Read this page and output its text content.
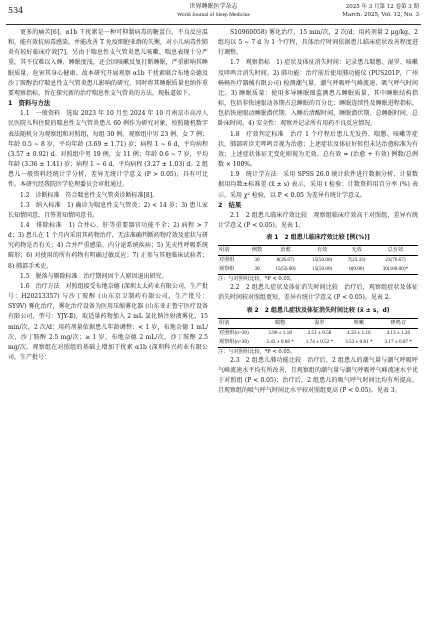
534	世界睡眠医学杂志
World Journal of Sleep Medicine
2025 年 3 月第 12 卷第 3 期
March. 2025, Vol. 12, No. 3

更多的痛苦[6]。α1b 干扰素是一种可抑制病毒的糖蛋白，不良反应温和，能有效抗病毒感染，并能改善 T 免疫细胞亚群的失衡，对小儿病毒性肺炎有较好临床疗效[7]。另由于喘息性支气管炎患儿咳嗽、喘息表现十分严重，其不仅难以入睡、睡眠度浅，还会因咳嗽反复打断睡眠，严重影响其睡眠质量，危害其身心健康。故本研究开展观察 α1b 干扰素联合布地奈德及沙丁胺醇治疗喘息性支气管炎患儿影响的研究，同时将其睡眠质量也纳作重要观察指标，旨在探究新的治疗喘息性支气管炎的方法。现报道如下。

1　资料与方法

1.1　一般资料　选取 2023 年 10 月至 2024 年 10 月南京市高淳人民医院儿科住院的喘息性支气管炎患儿 60 例作为研究对象，按照随机数字表法随机分为观察组和对照组，每组 30 例。观察组中男 23 例，女 7 例；年龄 0.5 ~ 8 岁，平均年龄 (3.69 ± 1.71) 岁；病程 1 ~ 6 d，平均病程 (3.57 ± 0.92) d。对照组中男 19 例，女 11 例；年龄 0.6 ~ 7 岁，平均年龄 (3.36 ± 1.41) 岁；病程 1 ~ 6 d，平均病程 (3.27 ± 1.03) d。2 组患儿一般资料经统计学分析，差异无统计学意义 (P > 0.05)，具有可比性。本研究经我院医学伦理委员会审批通过。

1.2　诊断标准　符合喘息性支气管炎诊断标准[8]。

1.3　纳入标准　1) 确诊为喘息性支气管炎；2) < 14 岁；3) 患儿家长知情同意，且签署知情同意书。

1.4　排除标准　1) 合并心、肝等重要器官功能不全；2) 病程 > 7 d；3) 患儿在 1 个月内采用其药物治疗，无法准确判断药物疗效及症状与研究药物是否有关；4) 合并严重感染、内分泌系统疾病；5) 先天性呼吸系统畸形；6) 对使用的所有药物有明确过敏反应；7) 正参与其他临床试验者；8) 肺部手术史。

1.5　脱落与剔除标准　治疗期间因个人原因退出研究。

1.6　治疗方法　对照组接受布地奈德 (深圳太太药业有限公司，生产批号：H20213357) 与沙丁胺醇 (山东京卫制药有限公司，生产批号：SY9V) 雾化治疗，雾化治疗设备为医用压缩雾化器 (山东亚正鲁宁医疗设备有限公司，型号：YJY-Ⅱ)，取适量药物加入 2 mL 氯化钠注射液雾化，15 min/次，2 次/d；用药剂量依据患儿年龄调整：< 1 岁，布地奈德 1 mL/次，沙丁胺醇 2.5 mg/次；≥ 1 岁，布地奈德 2 mL/次，沙丁胺醇 2.5 mg/次。观察组在对照组的基础上增加干扰素 α1b (深圳科兴药业有限公司，生产批号：

S10960058) 雾化治疗，15 min/次，2 次/d；用药剂量 2 μg/kg。2 组均以 5 ~ 7 d 为 1 个疗程，具体治疗时间依据患儿临床症状改善程度进行调整。

1.7　观察指标　1) 症状及体征消失时间：记录患儿喘憋、湿罗、咳嗽及哮鸣音消失时间。2) 肺功能：治疗前后使用肺功能仪 (PUS201P，广州畅畅医疗器械有限公司) 检测潮气量、潮气呼吸呼气峰流速、吸气呼气时间比。3) 睡眠质量：使用多导睡眠图监测患儿睡眠质量，其中睡眠结构指标，包括非快速眼动各期占总睡眠的百分比；睡眠连续性及睡眠进程指标，包括快速眼动睡眠潜伏期、入睡后清醒时间、睡眠潜伏期、总睡眠时间、总卧床时间。4) 安全性：观察并记录所有用药不良反应情况。

1.8　疗效判定标准　治疗 1 个疗程后患儿无发热、喘憋、咳嗽等症状，肺部听诊无哮鸣音视为治愈；上述症状及体征好转但未达治愈标准为有效；上述症状体征无变化则视为无效。总有效 = (治愈 + 有效) 例数/总例数 × 100%。

1.9　统计学方法　采用 SPSS 26.0 统计软件进行数据分析，计量数据用均数±标准差 (x̄ ± s) 表示，采用 t 检验；计数资料用百分率 (%) 表示，采用 χ² 检验，以 P < 0.05 为差异有统计学意义。

2　结果

2.1　2 组患儿临床疗效比较　观察组临床疗效高于对照组，差异有统计学意义 (P < 0.05)。见表 1。

表 1　2 组患儿临床疗效比较 [例(%)]
组别	例数	治愈	有效	无效	总有效
对照组	30	8(26.67)	15(50.00)	7(23.33)	23(76.67)
观察组	30	15(50.00)	15(50.00)	0(0.00)	30(100.00)*
注：与对照组比较，*P < 0.05。

2.2　2 组患儿症状及体征消失时间比较　治疗后，观察组症状及体征消失时间较对照组更短，差异有统计学意义 (P < 0.05)。见表 2。

表 2　2 组患儿症状及体征消失时间比较 (x̄ ± s，d)
组别	喘憋	湿罗	咳嗽	哮鸣音
对照组(n=30)	3.90 ± 1.18	2.51 ± 0.58	4.33 ± 1.16	4.13 ± 1.26
观察组(n=30)	2.43 ± 0.68 *	1.74 ± 0.52 *	3.53 ± 0.81 *	3.17 ± 0.87 *
注：与对照组比较，*P < 0.05。

2.3　2 组患儿肺功能比较　治疗后，2 组患儿的潮气量与潮气呼吸呼气峰流速水平均有所改善，且观察组的潮气量与潮气呼吸呼气峰流速水平优于对照组 (P < 0.05)；治疗后，2 组患儿的吸气呼气时间比均有所提高，且观察组的吸气呼气时间比水平较对照组更高 (P < 0.05)。见表 3。
